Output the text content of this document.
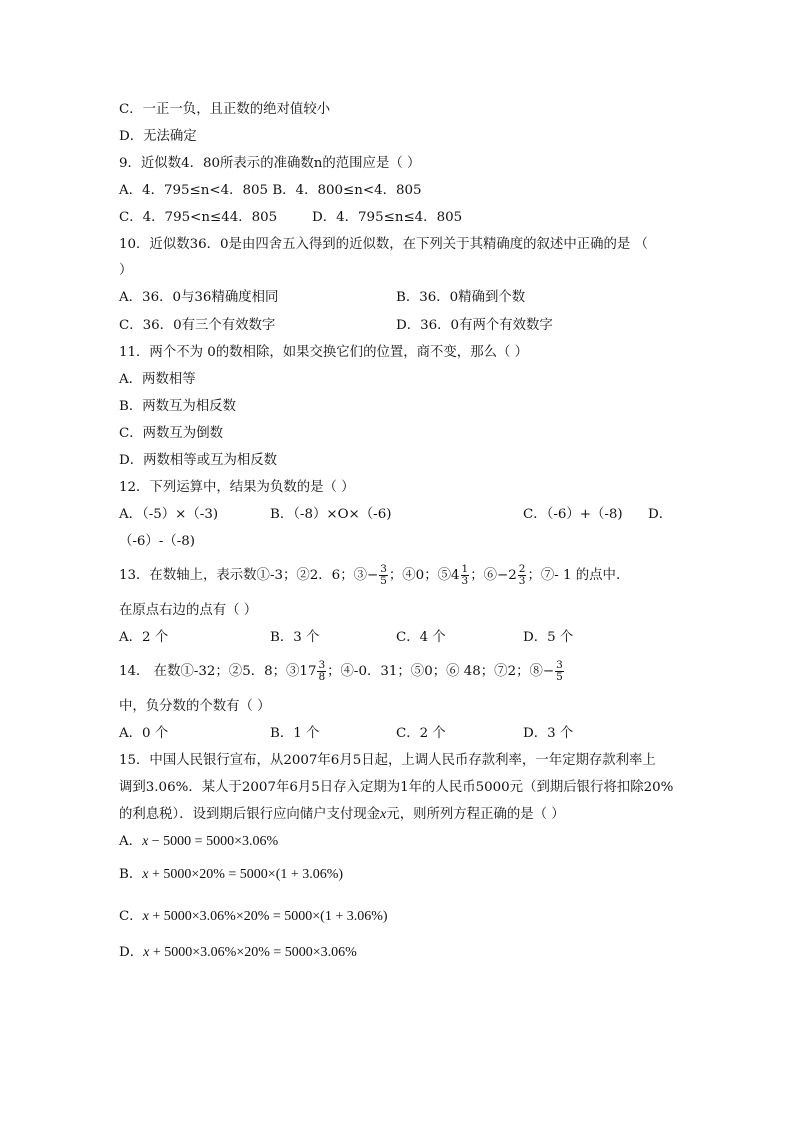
C．一正一负，且正数的绝对值较小
D．无法确定
9．近似数4．80所表示的准确数n的范围应是（ ）
A．4．795≤n<4．805 B．4．800≤n<4．805
C．4．795<n≤44．805	D．4．795≤n≤4．805
10．近似数36．0是由四舍五入得到的近似数，在下列关于其精确度的叙述中正确的是 （
）
A．36．0与36精确度相同	B．36．0精确到个数
C．36．0有三个有效数字	D．36．0有两个有效数字
11．两个不为 0的数相除，如果交换它们的位置，商不变，那么（ ）
A．两数相等
B．两数互为相反数
C．两数互为倒数
D．两数相等或互为相反数
12．下列运算中，结果为负数的是（ ）
A．（-5）×（-3)	B．（-8）×O×（-6)	C．（-6）+（-8) D．
（-6）-（-8)
13．在数轴上，表示数①-3；②2．6；③− $\frac{3}{5}$ ；④0；⑤4 $\frac{1}{3}$ ；⑥−2 $\frac{2}{3}$ ；⑦- 1 的点中.
在原点右边的点有（ ）
A．2 个	B．3 个	C．4 个	D．5 个
14． 在数①-32；②5．8；③17 $\frac{3}{8}$ ；④-0．31；⑤0；⑥ 48；⑦2；⑧− $\frac{3}{5}$
中，负分数的个数有（ ）
A．0 个	B．1 个	C．2 个	D．3 个
15．中国人民银行宣布，从2007年6月5日起，上调人民币存款利率，一年定期存款利率上
调到3.06%．某人于2007年6月5日存入定期为1年的人民币5000元（到期后银行将扣除20%
的利息税）．设到期后银行应向储户支付现金x元，则所列方程正确的是（ ）
A．x − 5000 = 5000×3.06%
B．x + 5000×20% = 5000×(1 + 3.06%)
C．x + 5000×3.06%×20% = 5000×(1 + 3.06%)
D．x + 5000×3.06%×20% = 5000×3.06%
